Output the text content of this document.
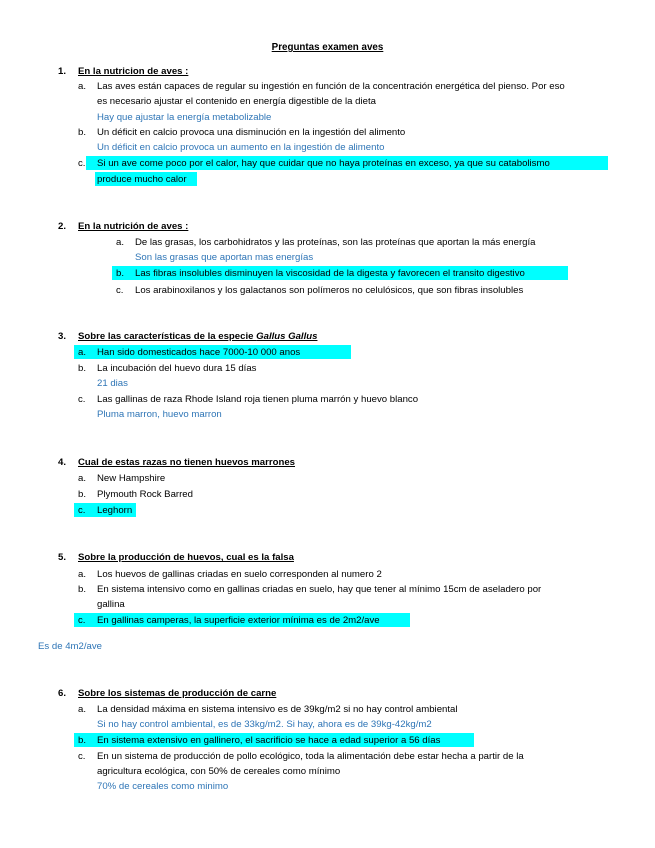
Preguntas examen aves
1. En la nutricion de aves :
a. Las aves están capaces de regular su ingestión en función de la concentración energética del pienso. Por eso
es necesario ajustar el contenido en energía digestible de la dieta
Hay que ajustar la energía metabolizable
b. Un déficit en calcio provoca una disminución en la ingestión del alimento
Un déficit en calcio provoca un aumento en la ingestión de alimento
c. Si un ave come poco por el calor, hay que cuidar que no haya proteínas en exceso, ya que su catabolismo
produce mucho calor
2. En la nutrición de aves :
a. De las grasas, los carbohidratos y las proteínas, son las proteínas que aportan la más energía
Son las grasas que aportan mas energías
b. Las fibras insolubles disminuyen la viscosidad de la digesta y favorecen el transito digestivo
c. Los arabinoxilanos y los galactanos son polímeros no celulósicos, que son fibras insolubles
3. Sobre las características de la especie Gallus Gallus
a. Han sido domesticados hace 7000-10 000 anos
b. La incubación del huevo dura 15 días
21 dias
c. Las gallinas de raza Rhode Island roja tienen pluma marrón y huevo blanco
Pluma marron, huevo marron
4. Cual de estas razas no tienen huevos marrones
a. New Hampshire
b. Plymouth Rock Barred
c. Leghorn
5. Sobre la producción de huevos, cual es la falsa
a. Los huevos de gallinas criadas en suelo corresponden al numero 2
b. En sistema intensivo como en gallinas criadas en suelo, hay que tener al mínimo 15cm de aseladero por
gallina
c. En gallinas camperas, la superficie exterior mínima es de 2m2/ave
Es de 4m2/ave
6. Sobre los sistemas de producción de carne
a. La densidad máxima en sistema intensivo es de 39kg/m2 si no hay control ambiental
Si no hay control ambiental, es de 33kg/m2. Si hay, ahora es de 39kg-42kg/m2
b. En sistema extensivo en gallinero, el sacrificio se hace a edad superior a 56 días
c. En un sistema de producción de pollo ecológico, toda la alimentación debe estar hecha a partir de la
agricultura ecológica, con 50% de cereales como mínimo
70% de cereales como minimo
